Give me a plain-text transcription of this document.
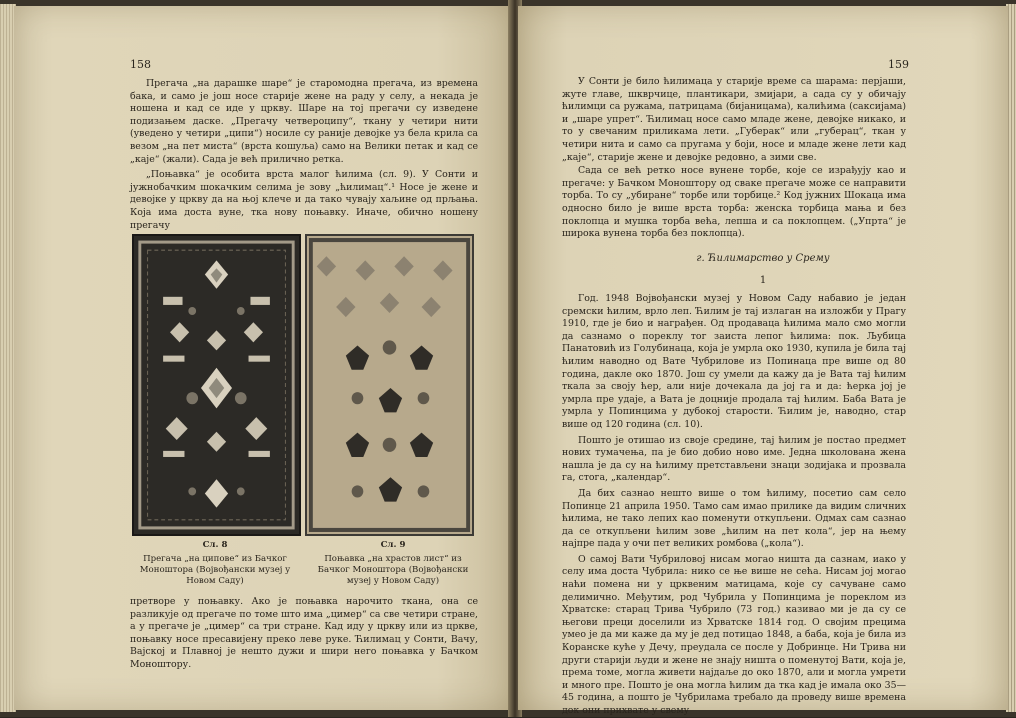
158

Прегача „на дарашке шаре“ је старомодна прегача, из времена бака, и само је још носе старије жене на раду у селу, а некада је ношена и кад се иде у цркву. Шаре на тој прегачи су изведене подизањем даске. „Прегачу четвероципу“, ткану у четири нити (уведено у четири „ципи“) носиле су раније девојке уз бела крила са везом „на пет миста“ (врста кошуља) само на Велики петак и кад се „каје“ (жали). Сада је већ прилично ретка.

„Поњавка“ је особита врста малог ћилима (сл. 9). У Сонти и јужнобачким шокачким селима је зову „ћилимац“.¹ Носе је жене и девојке у цркву да на њој клече и да тако чувају хаљине од прљања. Која има доста вуне, тка нову поњавку. Иначе, обично ношену прегачу

Сл. 8
Прегача „на ципове“ из Бачког Моноштора (Војвођански музеј у Новом Саду)
Сл. 9
Поњавка „на храстов лист“ из Бачког Моноштора (Војвођански музеј у Новом Саду)

претворе у поњавку. Ако је поњавка нарочито ткана, она се разликује од прегаче по томе што има „цимер“ са све четири стране, а у прегаче је „цимер“ са три стране. Кад иду у цркву или из цркве, поњавку носе пресавијену преко леве руке. Ћилимац у Сонти, Вачу, Вајској и Плавној је нешто дужи и шири него поњавка у Бачком Моноштору.

159

У Сонти је било ћилимаца у старије време са шарама: перјаши, жуте главе, шкврчице, плантикари, змијари, а сада су у обичају ћилимци са ружама, патрицама (бијаницама), калићима (саксијама) и „шаре упрет“. Ћилимац носе само младе жене, девојке никако, и то у свечаним приликама лети. „Губерак“ или „губерац“, ткан у четири нита и само са пругама у боји, носе и младе жене лети кад „каје“, старије жене и девојке редовно, а зими све.

Сада се већ ретко носе вунене торбе, које се израђују као и прегаче: у Бачком Моноштору од сваке прегаче може се направити торба. То су „убиране“ торбе или торбице.² Код јужних Шокаца има односно било је више врста торба: женска торбица мања и без поклопца и мушка торба већа, лепша и са поклопцем. („Упрта“ је широка вунена торба без поклопца).

г. Ћилимарство у Срему
1

Год. 1948 Војвођански музеј у Новом Саду набавио је један сремски ћилим, врло леп. Ћилим је тај излаган на изложби у Прагу 1910, где је био и награђен. Од продаваца ћилима мало смо могли да сазнамо о пореклу тог заиста лепог ћилима: пок. Љубица Панатовић из Голубинаца, која је умрла око 1930, купила је била тај ћилим наводно од Вате Чубрилове из Попинаца пре више од 80 година, дакле око 1870. Још су умели да кажу да је Вата тај ћилим ткала за своју ћер, али није дочекала да јој га и да: ћерка јој је умрла пре удаје, а Вата је доцније продала тај ћилим. Баба Вата је умрла у Попинцима у дубокој старости. Ћилим је, наводно, стар више од 120 година (сл. 10).

Пошто је отишао из своје средине, тај ћилим је постао предмет нових тумачења, па је био добио ново име. Једна школована жена нашла је да су на ћилиму претстављени знаци зодијака и прозвала га, стога, „календар“.

Да бих сазнао нешто више о том ћилиму, посетио сам село Попинце 21 априла 1950. Тамо сам имао прилике да видим сличних ћилима, не тако лепих као поменути откупљени. Одмах сам сазнао да се откупљени ћилим зове „ћилим на пет кола“, јер на њему најпре пада у очи пет великих ромбова („кола“).

О самој Вати Чубриловој нисам могао ништа да сазнам, иако у селу има доста Чубрила: нико се ње више не сећа. Нисам јој могао наћи помена ни у црквеним матицама, које су сачуване само делимично. Међутим, род Чубрила у Попинцима је пореклом из Хрватске: старац Трива Чубрило (73 год.) казивао ми је да су се његови преци доселили из Хрватске 1814 год. О својим прецима умео је да ми каже да му је дед потицао 1848, а баба, која је била из Коранске куће у Дечу, преудала се после у Добринце. Ни Трива ни други старији људи и жене не знају ништа о поменутој Вати, која је, према томе, могла живети најдаље до око 1870, али и могла умрети и много пре. Пошто је она могла ћилим да тка кад је имала око 35—45 година, а пошто је Чубрилама требало да проведу више времена док они прихвате у свему
